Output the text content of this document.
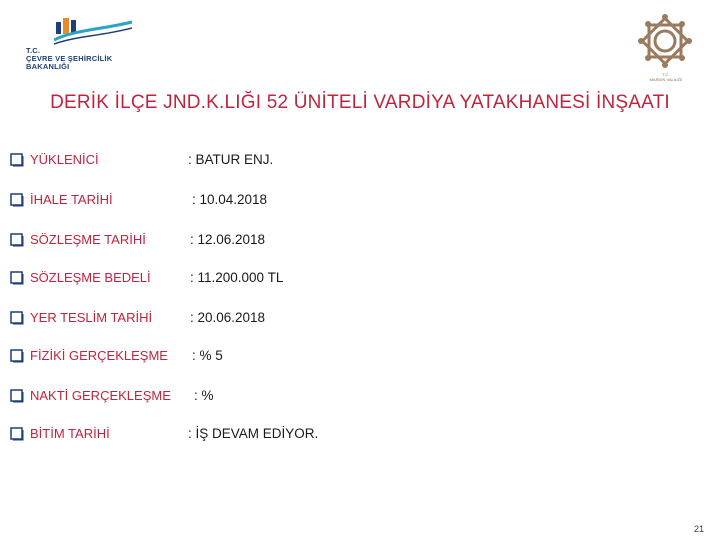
T.C.
ÇEVRE VE ŞEHİRCİLİK
BAKANLIĞI
T.C.
MARDİN VALİLİĞİ
DERİK İLÇE JND.K.LIĞI 52 ÜNİTELİ VARDİYA YATAKHANESİ İNŞAATI
YÜKLENİCİ	: BATUR ENJ.
İHALE TARİHİ	: 10.04.2018
SÖZLEŞME TARİHİ	: 12.06.2018
SÖZLEŞME BEDELİ	: 11.200.000 TL
YER TESLİM TARİHİ	: 20.06.2018
FİZİKİ GERÇEKLEŞME : % 5
NAKTİ GERÇEKLEŞME : %
BİTİM TARİHİ	: İŞ DEVAM EDİYOR.
21
